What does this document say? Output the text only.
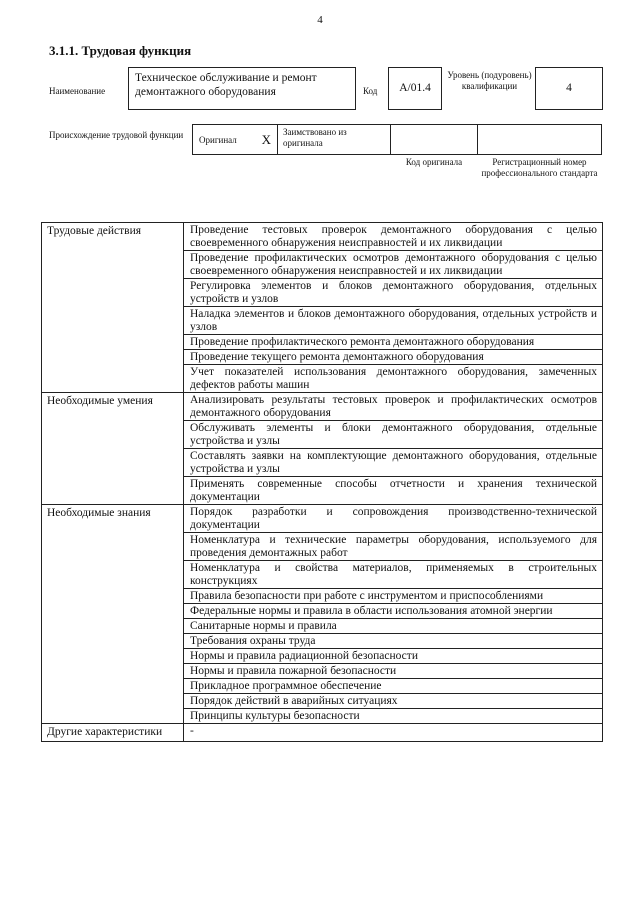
4
3.1.1. Трудовая функция
Наименование
Техническое обслуживание и ремонт демонтажного оборудования	Код	A/01.4
Уровень (подуровень) квалификации	4
Происхождение трудовой функции	Оригинал X	Заимствовано из оригинала
Код оригинала	Регистрационный номер профессионального стандарта
Трудовые действия	Проведение тестовых проверок демонтажного оборудования с целью своевременного обнаружения неисправностей и их ликвидации
	Проведение профилактических осмотров демонтажного оборудования с целью своевременного обнаружения неисправностей и их ликвидации
	Регулировка элементов и блоков демонтажного оборудования, отдельных устройств и узлов
	Наладка элементов и блоков демонтажного оборудования, отдельных устройств и узлов
	Проведение профилактического ремонта демонтажного оборудования
	Проведение текущего ремонта демонтажного оборудования
	Учет показателей использования демонтажного оборудования, замеченных дефектов работы машин
Необходимые умения	Анализировать результаты тестовых проверок и профилактических осмотров демонтажного оборудования
	Обслуживать элементы и блоки демонтажного оборудования, отдельные устройства и узлы
	Составлять заявки на комплектующие демонтажного оборудования, отдельные устройства и узлы
	Применять современные способы отчетности и хранения технической документации
Необходимые знания	Порядок разработки и сопровождения производственно-технической документации
	Номенклатура и технические параметры оборудования, используемого для проведения демонтажных работ
	Номенклатура и свойства материалов, применяемых в строительных конструкциях
	Правила безопасности при работе с инструментом и приспособлениями
	Федеральные нормы и правила в области использования атомной энергии
	Санитарные нормы и правила
	Требования охраны труда
	Нормы и правила радиационной безопасности
	Нормы и правила пожарной безопасности
	Прикладное программное обеспечение
	Порядок действий в аварийных ситуациях
	Принципы культуры безопасности
Другие характеристики	-
